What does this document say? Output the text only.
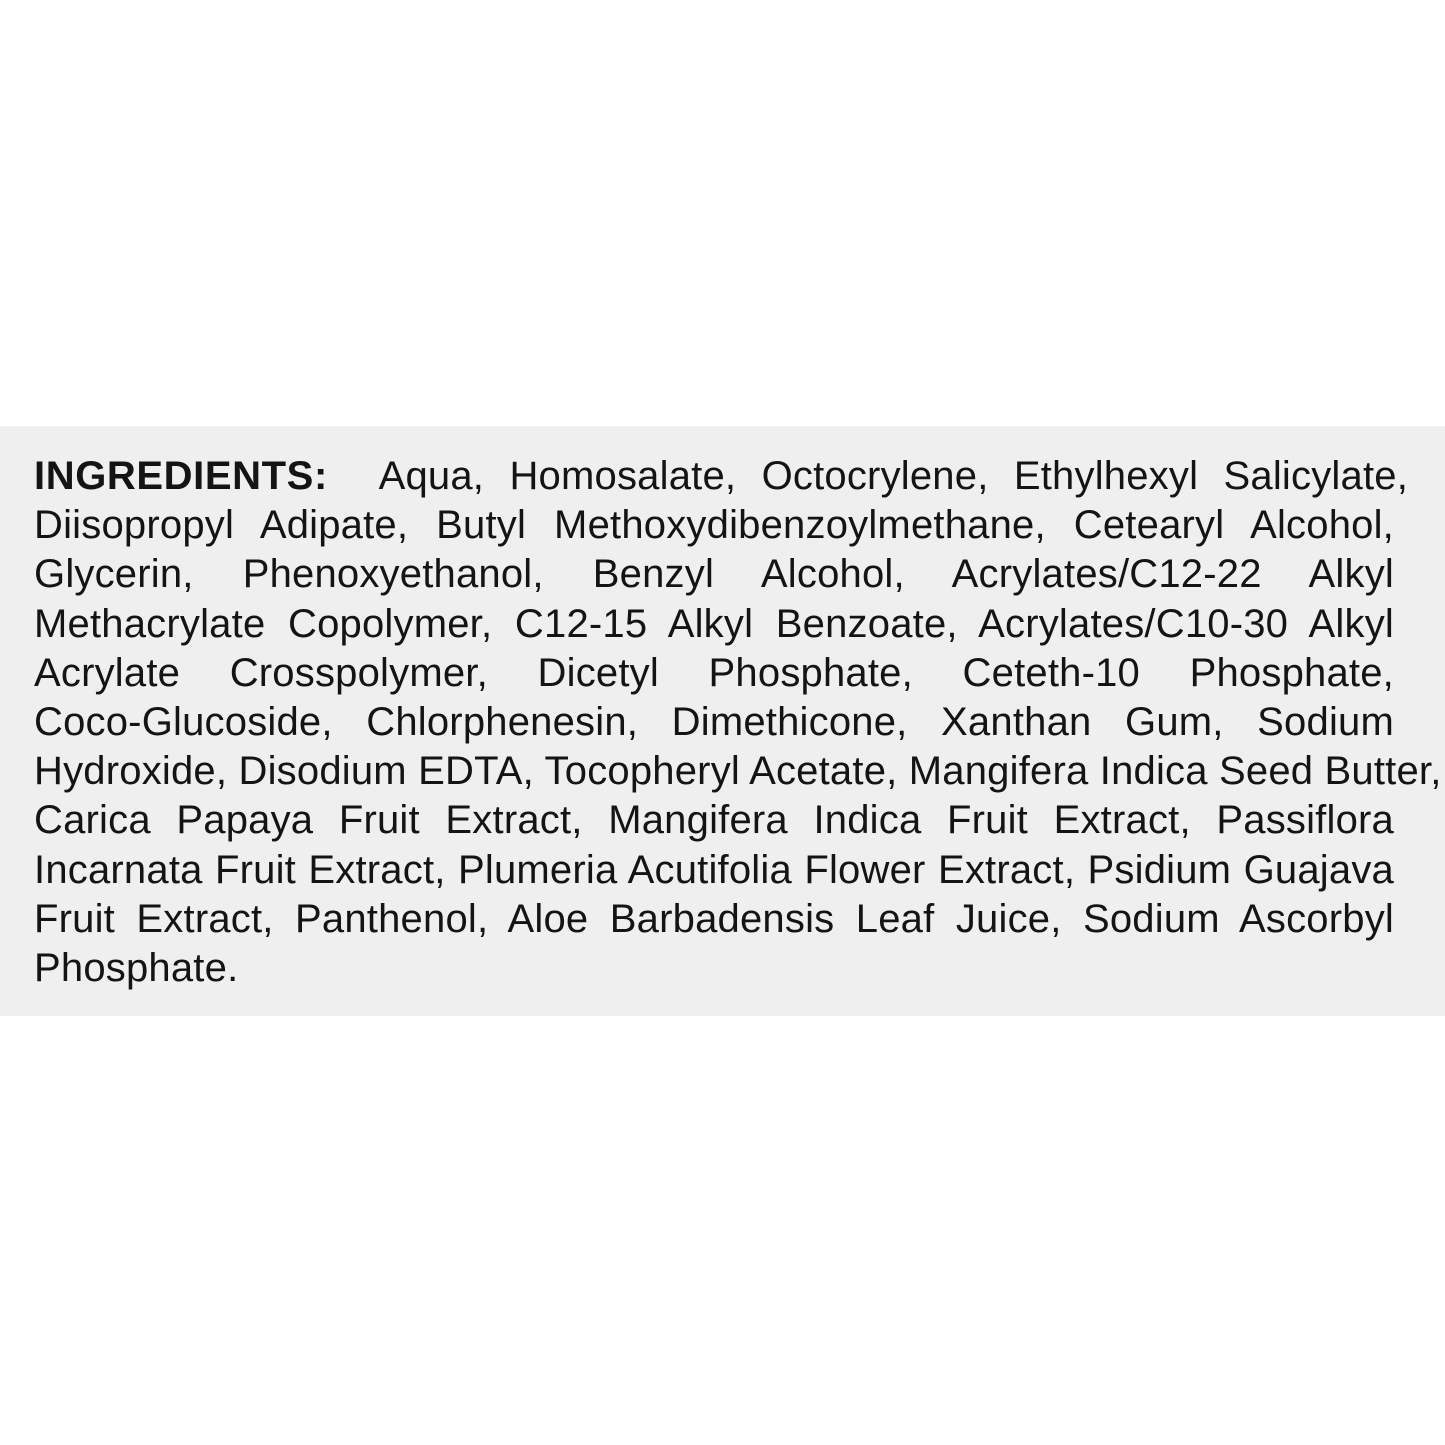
INGREDIENTS: Aqua, Homosalate, Octocrylene, Ethylhexyl Salicylate,
Diisopropyl Adipate, Butyl Methoxydibenzoylmethane, Cetearyl Alcohol,
Glycerin, Phenoxyethanol, Benzyl Alcohol, Acrylates/C12-22 Alkyl
Methacrylate Copolymer, C12-15 Alkyl Benzoate, Acrylates/C10-30 Alkyl
Acrylate Crosspolymer, Dicetyl Phosphate, Ceteth-10 Phosphate,
Coco-Glucoside, Chlorphenesin, Dimethicone, Xanthan Gum, Sodium
Hydroxide, Disodium EDTA, Tocopheryl Acetate, Mangifera Indica Seed Butter,
Carica Papaya Fruit Extract, Mangifera Indica Fruit Extract, Passiflora
Incarnata Fruit Extract, Plumeria Acutifolia Flower Extract, Psidium Guajava
Fruit Extract, Panthenol, Aloe Barbadensis Leaf Juice, Sodium Ascorbyl
Phosphate.
